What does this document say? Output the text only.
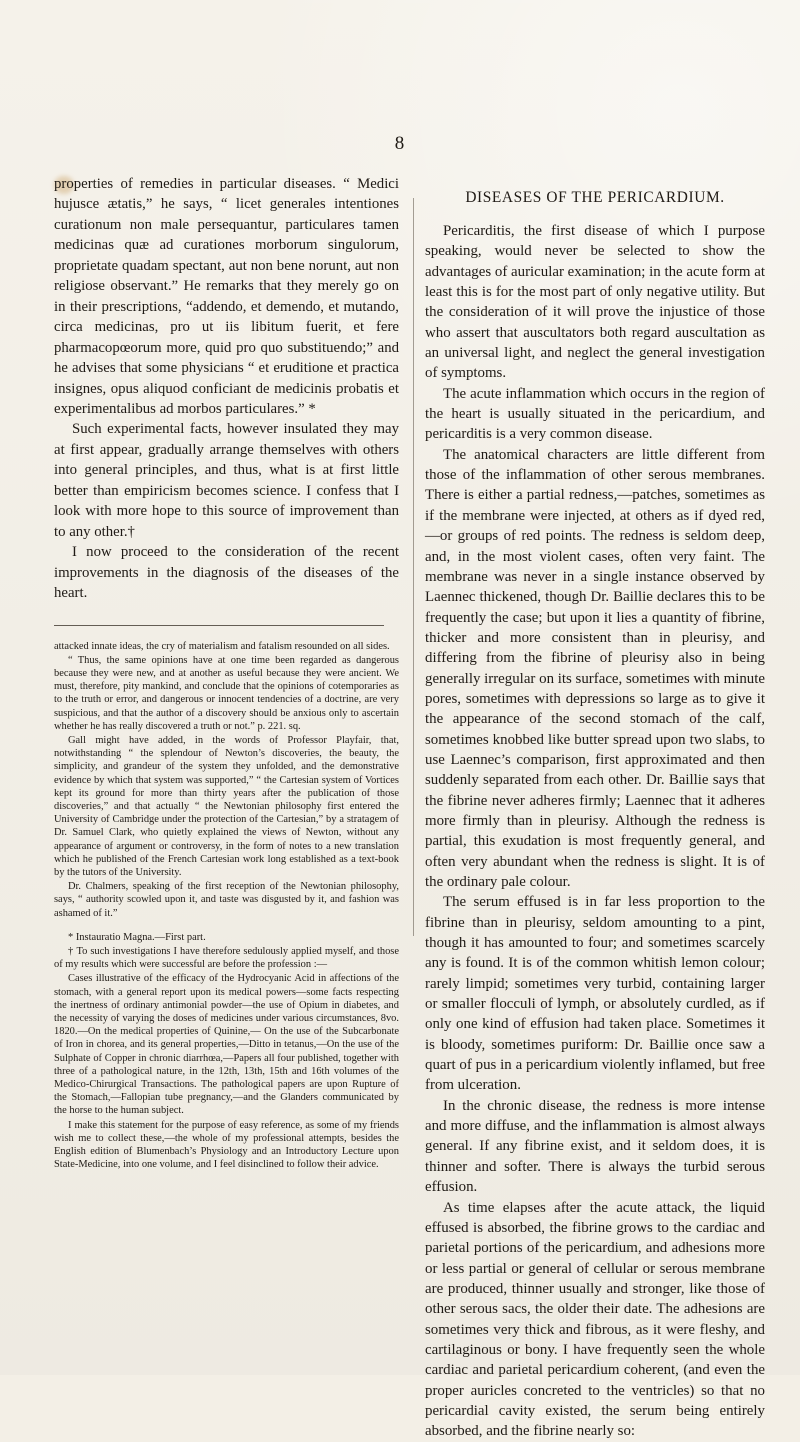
8

properties of remedies in particular diseases. “ Medici hujusce ætatis,” he says, “ licet generales intentiones curationum non male persequantur, particulares tamen medicinas quæ ad curationes morborum singulorum, proprietate quadam spectant, aut non bene norunt, aut non religiose observant.” He remarks that they merely go on in their prescriptions, “addendo, et demendo, et mutando, circa medicinas, pro ut iis libitum fuerit, et fere pharmacopœorum more, quid pro quo substituendo;” and he advises that some physicians “ et eruditione et practica insignes, opus aliquod conficiant de medicinis probatis et experimentalibus ad morbos particulares.” *

Such experimental facts, however insulated they may at first appear, gradually arrange themselves with others into general principles, and thus, what is at first little better than empiricism becomes science. I confess that I look with more hope to this source of improvement than to any other.†

I now proceed to the consideration of the recent improvements in the diagnosis of the diseases of the heart.

attacked innate ideas, the cry of materialism and fatalism resounded on all sides.

“ Thus, the same opinions have at one time been regarded as dangerous because they were new, and at another as useful because they were ancient. We must, therefore, pity mankind, and conclude that the opinions of cotemporaries as to the truth or error, and dangerous or innocent tendencies of a doctrine, are very suspicious, and that the author of a discovery should be anxious only to ascertain whether he has really discovered a truth or not.” p. 221. sq.

Gall might have added, in the words of Professor Playfair, that, notwithstanding “ the splendour of Newton’s discoveries, the beauty, the simplicity, and grandeur of the system they unfolded, and the demonstrative evidence by which that system was supported,” “ the Cartesian system of Vortices kept its ground for more than thirty years after the publication of those discoveries,” and that actually “ the Newtonian philosophy first entered the University of Cambridge under the protection of the Cartesian,” by a stratagem of Dr. Samuel Clark, who quietly explained the views of Newton, without any appearance of argument or controversy, in the form of notes to a new translation which he published of the French Cartesian work long established as a text-book by the tutors of the University.

Dr. Chalmers, speaking of the first reception of the Newtonian philosophy, says, “ authority scowled upon it, and taste was disgusted by it, and fashion was ashamed of it.”

* Instauratio Magna.—First part.

† To such investigations I have therefore sedulously applied myself, and those of my results which were successful are before the profession :—

Cases illustrative of the efficacy of the Hydrocyanic Acid in affections of the stomach, with a general report upon its medical powers—some facts respecting the inertness of ordinary antimonial powder—the use of Opium in diabetes, and the necessity of varying the doses of medicines under various circumstances, 8vo. 1820.—On the medical properties of Quinine,— On the use of the Subcarbonate of Iron in chorea, and its general properties,—Ditto in tetanus,—On the use of the Sulphate of Copper in chronic diarrhœa,—Papers all four published, together with three of a pathological nature, in the 12th, 13th, 15th and 16th volumes of the Medico-Chirurgical Transactions. The pathological papers are upon Rupture of the Stomach,—Fallopian tube pregnancy,—and the Glanders communicated by the horse to the human subject.

I make this statement for the purpose of easy reference, as some of my friends wish me to collect these,—the whole of my professional attempts, besides the English edition of Blumenbach’s Physiology and an Introductory Lecture upon State-Medicine, into one volume, and I feel disinclined to follow their advice.

DISEASES OF THE PERICARDIUM.

Pericarditis, the first disease of which I purpose speaking, would never be selected to show the advantages of auricular examination; in the acute form at least this is for the most part of only negative utility. But the consideration of it will prove the injustice of those who assert that auscultators both regard auscultation as an universal light, and neglect the general investigation of symptoms.

The acute inflammation which occurs in the region of the heart is usually situated in the pericardium, and pericarditis is a very common disease.

The anatomical characters are little different from those of the inflammation of other serous membranes. There is either a partial redness,—patches, sometimes as if the membrane were injected, at others as if dyed red,—or groups of red points. The redness is seldom deep, and, in the most violent cases, often very faint. The membrane was never in a single instance observed by Laennec thickened, though Dr. Baillie declares this to be frequently the case; but upon it lies a quantity of fibrine, thicker and more consistent than in pleurisy, and differing from the fibrine of pleurisy also in being generally irregular on its surface, sometimes with minute pores, sometimes with depressions so large as to give it the appearance of the second stomach of the calf, sometimes knobbed like butter spread upon two slabs, to use Laennec’s comparison, first approximated and then suddenly separated from each other. Dr. Baillie says that the fibrine never adheres firmly; Laennec that it adheres more firmly than in pleurisy. Although the redness is partial, this exudation is most frequently general, and often very abundant when the redness is slight. It is of the ordinary pale colour.

The serum effused is in far less proportion to the fibrine than in pleurisy, seldom amounting to a pint, though it has amounted to four; and sometimes scarcely any is found. It is of the common whitish lemon colour; rarely limpid; sometimes very turbid, containing larger or smaller flocculi of lymph, or absolutely curdled, as if only one kind of effusion had taken place. Sometimes it is bloody, sometimes puriform: Dr. Baillie once saw a quart of pus in a pericardium violently inflamed, but free from ulceration.

In the chronic disease, the redness is more intense and more diffuse, and the inflammation is almost always general. If any fibrine exist, and it seldom does, it is thinner and softer. There is always the turbid serous effusion.

As time elapses after the acute attack, the liquid effused is absorbed, the fibrine grows to the cardiac and parietal portions of the pericardium, and adhesions more or less partial or general of cellular or serous membrane are produced, thinner usually and stronger, like those of other serous sacs, the older their date. The adhesions are sometimes very thick and fibrous, as it were fleshy, and cartilaginous or bony. I have frequently seen the whole cardiac and parietal pericardium coherent, (and even the proper auricles concreted to the ventricles) so that no pericardial cavity existed, the serum being entirely absorbed, and the fibrine nearly so:
